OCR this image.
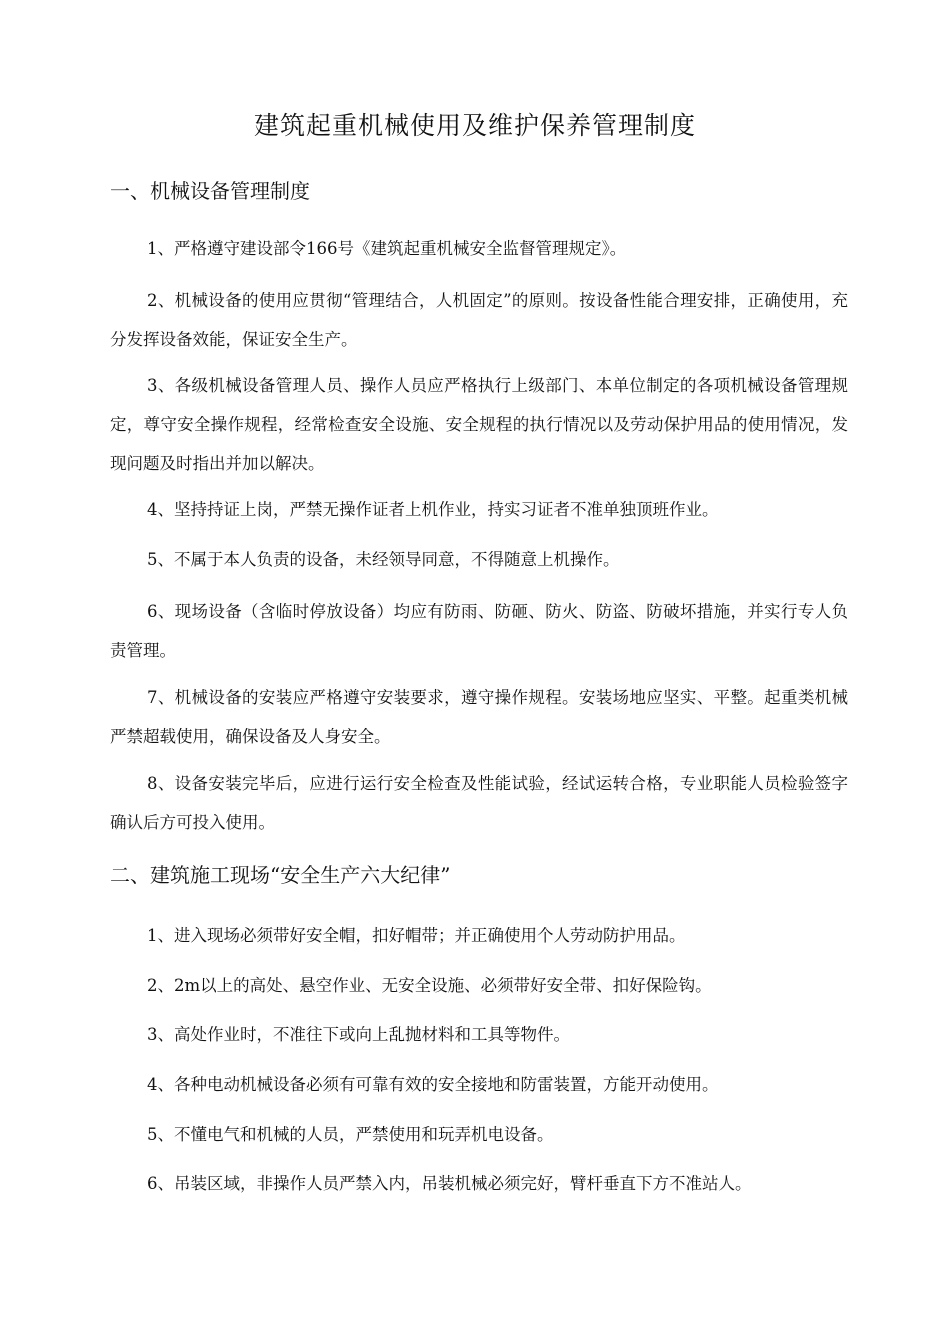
建筑起重机械使用及维护保养管理制度
一、机械设备管理制度

1、严格遵守建设部令166号《建筑起重机械安全监督管理规定》。

2、机械设备的使用应贯彻“管理结合，人机固定”的原则。按设备性能合理安排，正确使用，充分发挥设备效能，保证安全生产。

3、各级机械设备管理人员、操作人员应严格执行上级部门、本单位制定的各项机械设备管理规定，尊守安全操作规程，经常检查安全设施、安全规程的执行情况以及劳动保护用品的使用情况，发现问题及时指出并加以解决。

4、坚持持证上岗，严禁无操作证者上机作业，持实习证者不准单独顶班作业。

5、不属于本人负责的设备，未经领导同意，不得随意上机操作。

6、现场设备（含临时停放设备）均应有防雨、防砸、防火、防盗、防破坏措施，并实行专人负责管理。

7、机械设备的安装应严格遵守安装要求，遵守操作规程。安装场地应坚实、平整。起重类机械严禁超载使用，确保设备及人身安全。

8、设备安装完毕后，应进行运行安全检查及性能试验，经试运转合格，专业职能人员检验签字确认后方可投入使用。

二、建筑施工现场“安全生产六大纪律”

1、进入现场必须带好安全帽，扣好帽带；并正确使用个人劳动防护用品。

2、2m以上的高处、悬空作业、无安全设施、必须带好安全带、扣好保险钩。

3、高处作业时，不准往下或向上乱抛材料和工具等物件。

4、各种电动机械设备必须有可靠有效的安全接地和防雷装置，方能开动使用。

5、不懂电气和机械的人员，严禁使用和玩弄机电设备。

6、吊装区域，非操作人员严禁入内，吊装机械必须完好，臂杆垂直下方不准站人。
